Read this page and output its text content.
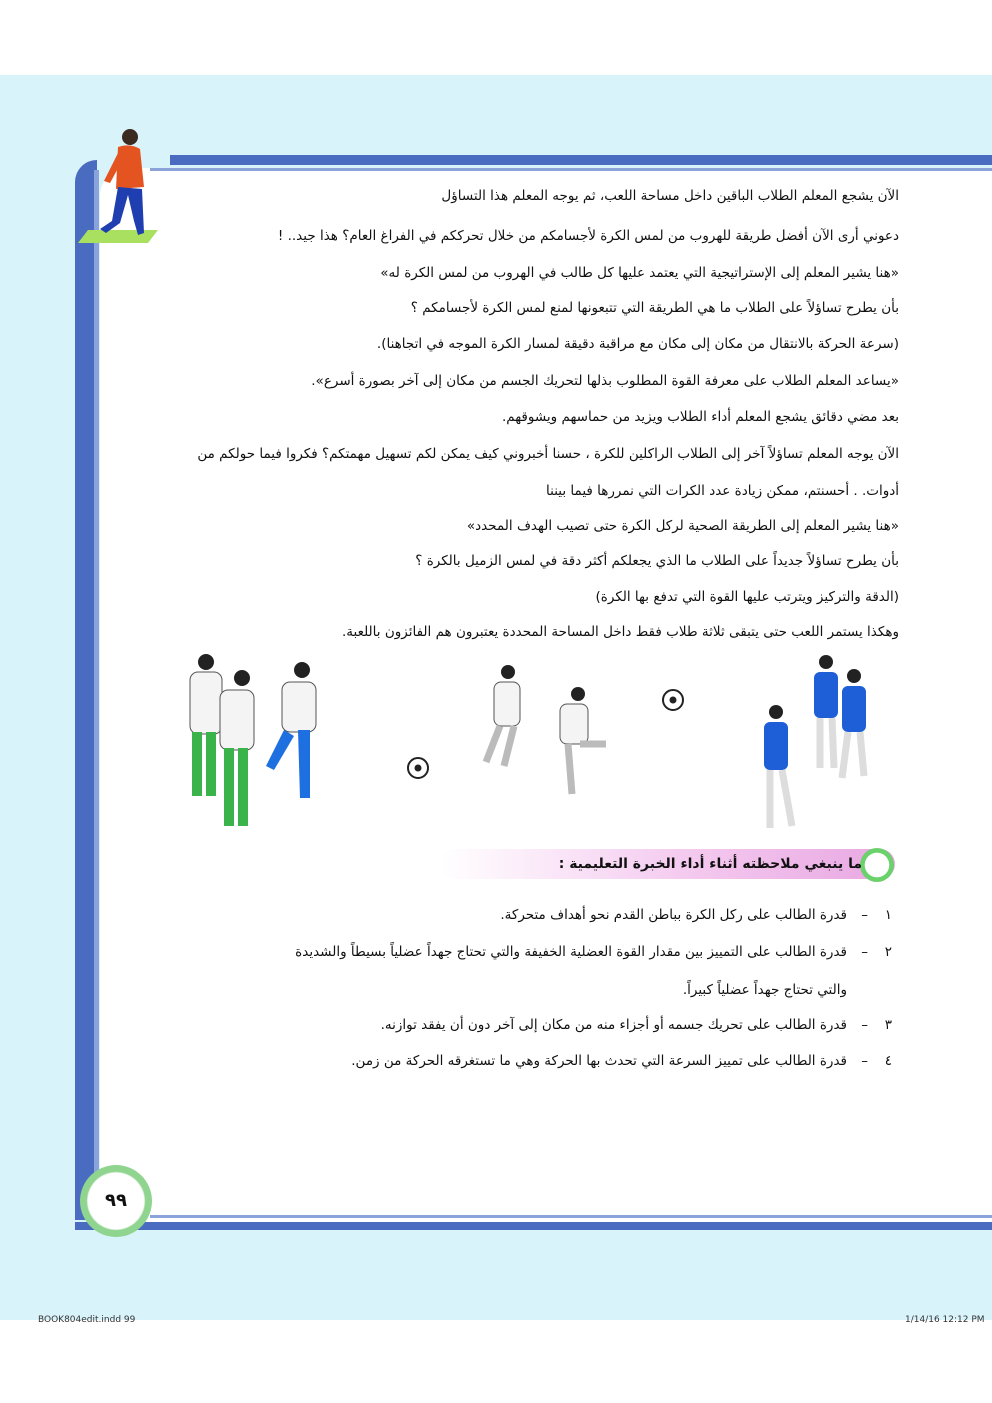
الآن يشجع المعلم الطلاب الباقين داخل مساحة اللعب، ثم يوجه المعلم هذا التساؤل
دعوني أرى الآن أفضل طريقة للهروب من لمس الكرة لأجسامكم من خلال تحرككم في الفراغ العام؟ هذا جيد.. !
«هنا يشير المعلم إلى الإستراتيجية التي يعتمد عليها كل طالب في الهروب من لمس الكرة له»
بأن يطرح تساؤلاً على الطلاب ما هي الطريقة التي تتبعونها لمنع لمس الكرة لأجسامكم ؟
(سرعة الحركة بالانتقال من مكان إلى مكان مع مراقبة دقيقة لمسار الكرة الموجه في اتجاهنا).
«يساعد المعلم الطلاب على معرفة القوة المطلوب بذلها لتحريك الجسم من مكان إلى آخر بصورة أسرع».
بعد مضي دقائق يشجع المعلم أداء الطلاب ويزيد من حماسهم ويشوقهم.
الآن يوجه المعلم تساؤلاً آخر إلى الطلاب الراكلين للكرة ، حسنا أخبروني كيف يمكن لكم تسهيل مهمتكم؟ فكروا فيما حولكم من
أدوات. . أحسنتم، ممكن زيادة عدد الكرات التي نمررها فيما بيننا
«هنا يشير المعلم إلى الطريقة الصحية لركل الكرة حتى تصيب الهدف المحدد»
بأن يطرح تساؤلاً جديداً على الطلاب ما الذي يجعلكم أكثر دقة في لمس الزميل بالكرة ؟
(الدقة والتركيز ويترتب عليها القوة التي تدفع بها الكرة)
وهكذا يستمر اللعب حتى يتبقى ثلاثة طلاب فقط داخل المساحة المحددة يعتبرون هم الفائزون باللعبة.
ما ينبغي ملاحظته أثناء أداء الخبرة التعليمية :
١
–
قدرة الطالب على ركل الكرة بباطن القدم نحو أهداف متحركة.
٢
–
قدرة الطالب على التمييز بين مقدار القوة العضلية الخفيفة والتي تحتاج جهداً عضلياً بسيطاً والشديدة
والتي تحتاج جهداً عضلياً كبيراً.
٣
–
قدرة الطالب على تحريك جسمه أو أجزاء منه من مكان إلى آخر دون أن يفقد توازنه.
٤
–
قدرة الطالب على تمييز السرعة التي تحدث بها الحركة وهي ما تستغرقه الحركة من زمن.
٩٩
BOOK804edit.indd 99	1/14/16 12:12 PM
